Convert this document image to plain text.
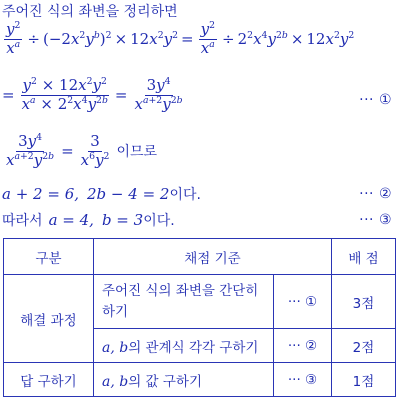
주어진 식의 좌변을 정리하면
$\frac{y^2}{x^a} \div (-2x^2y^b)^2 \times 12x^2y^2 = \frac{y^2}{x^a} \div 2^2x^4y^{2b} \times 12x^2y^2$
= $\frac{y^2 \times 12x^2y^2}{x^a \times 2^2x^4y^{2b}} = \frac{3y^4}{x^{a+2}y^{2b}}$	··· ①
$\frac{3y^4}{x^{a+2}y^{2b}} = \frac{3}{x^6y^2}$ 이므로
a + 2 = 6, 2b − 4 = 2 이다.	··· ②
따라서 a = 4, b = 3 이다.	··· ③
구분	채점 기준		배 점
해결 과정	주어진 식의 좌변을 간단히 하기	··· ①	3점
	a, b의 관계식 각각 구하기	··· ②	2점
답 구하기	a, b의 값 구하기	··· ③	1점
